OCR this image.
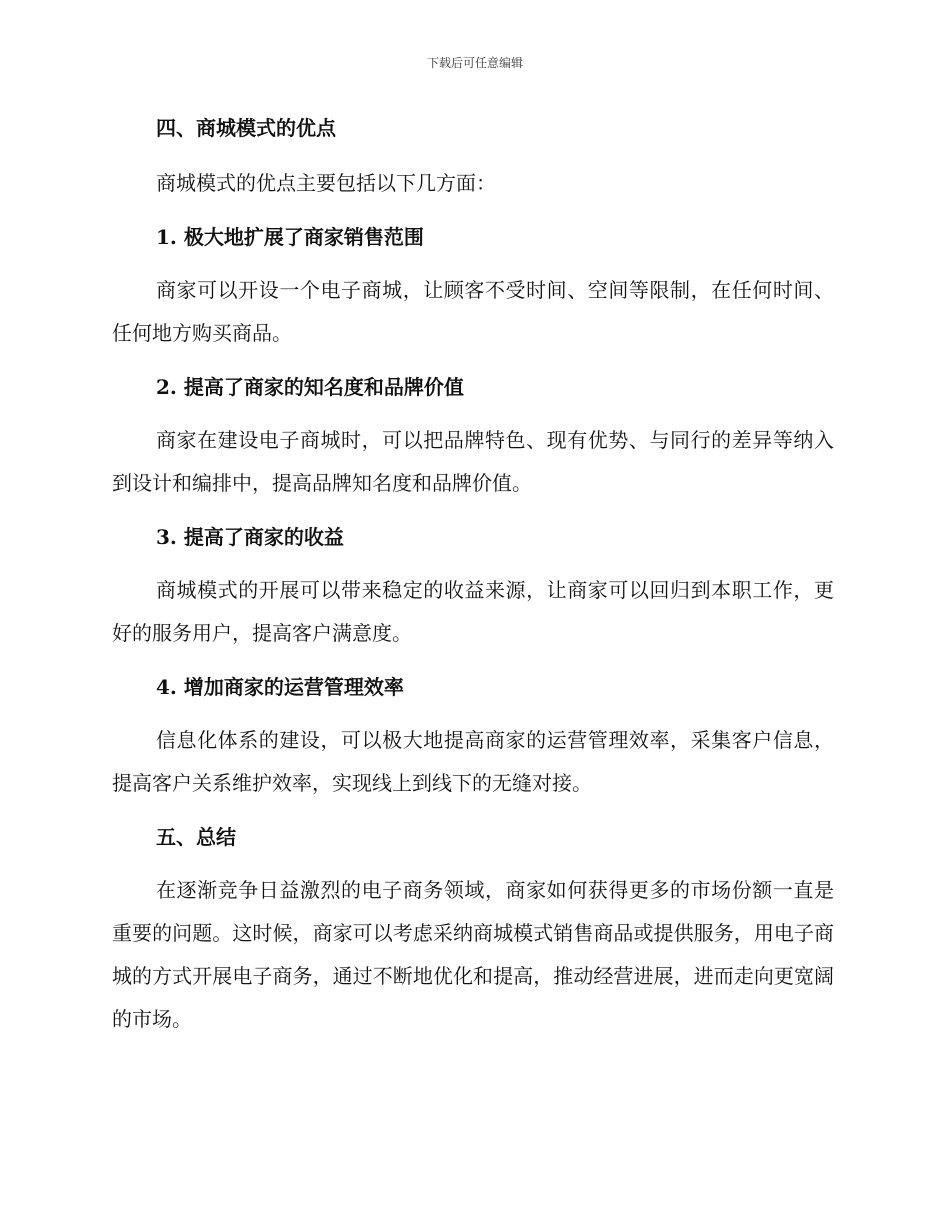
下载后可任意编辑
四、商城模式的优点

商城模式的优点主要包括以下几方面：

1. 极大地扩展了商家销售范围

商家可以开设一个电子商城，让顾客不受时间、空间等限制，在任何时间、任何地方购买商品。

2. 提高了商家的知名度和品牌价值

商家在建设电子商城时，可以把品牌特色、现有优势、与同行的差异等纳入到设计和编排中，提高品牌知名度和品牌价值。

3. 提高了商家的收益

商城模式的开展可以带来稳定的收益来源，让商家可以回归到本职工作，更好的服务用户，提高客户满意度。

4. 增加商家的运营管理效率

信息化体系的建设，可以极大地提高商家的运营管理效率，采集客户信息，提高客户关系维护效率，实现线上到线下的无缝对接。

五、总结

在逐渐竞争日益激烈的电子商务领域，商家如何获得更多的市场份额一直是重要的问题。这时候，商家可以考虑采纳商城模式销售商品或提供服务，用电子商城的方式开展电子商务，通过不断地优化和提高，推动经营进展，进而走向更宽阔的市场。
